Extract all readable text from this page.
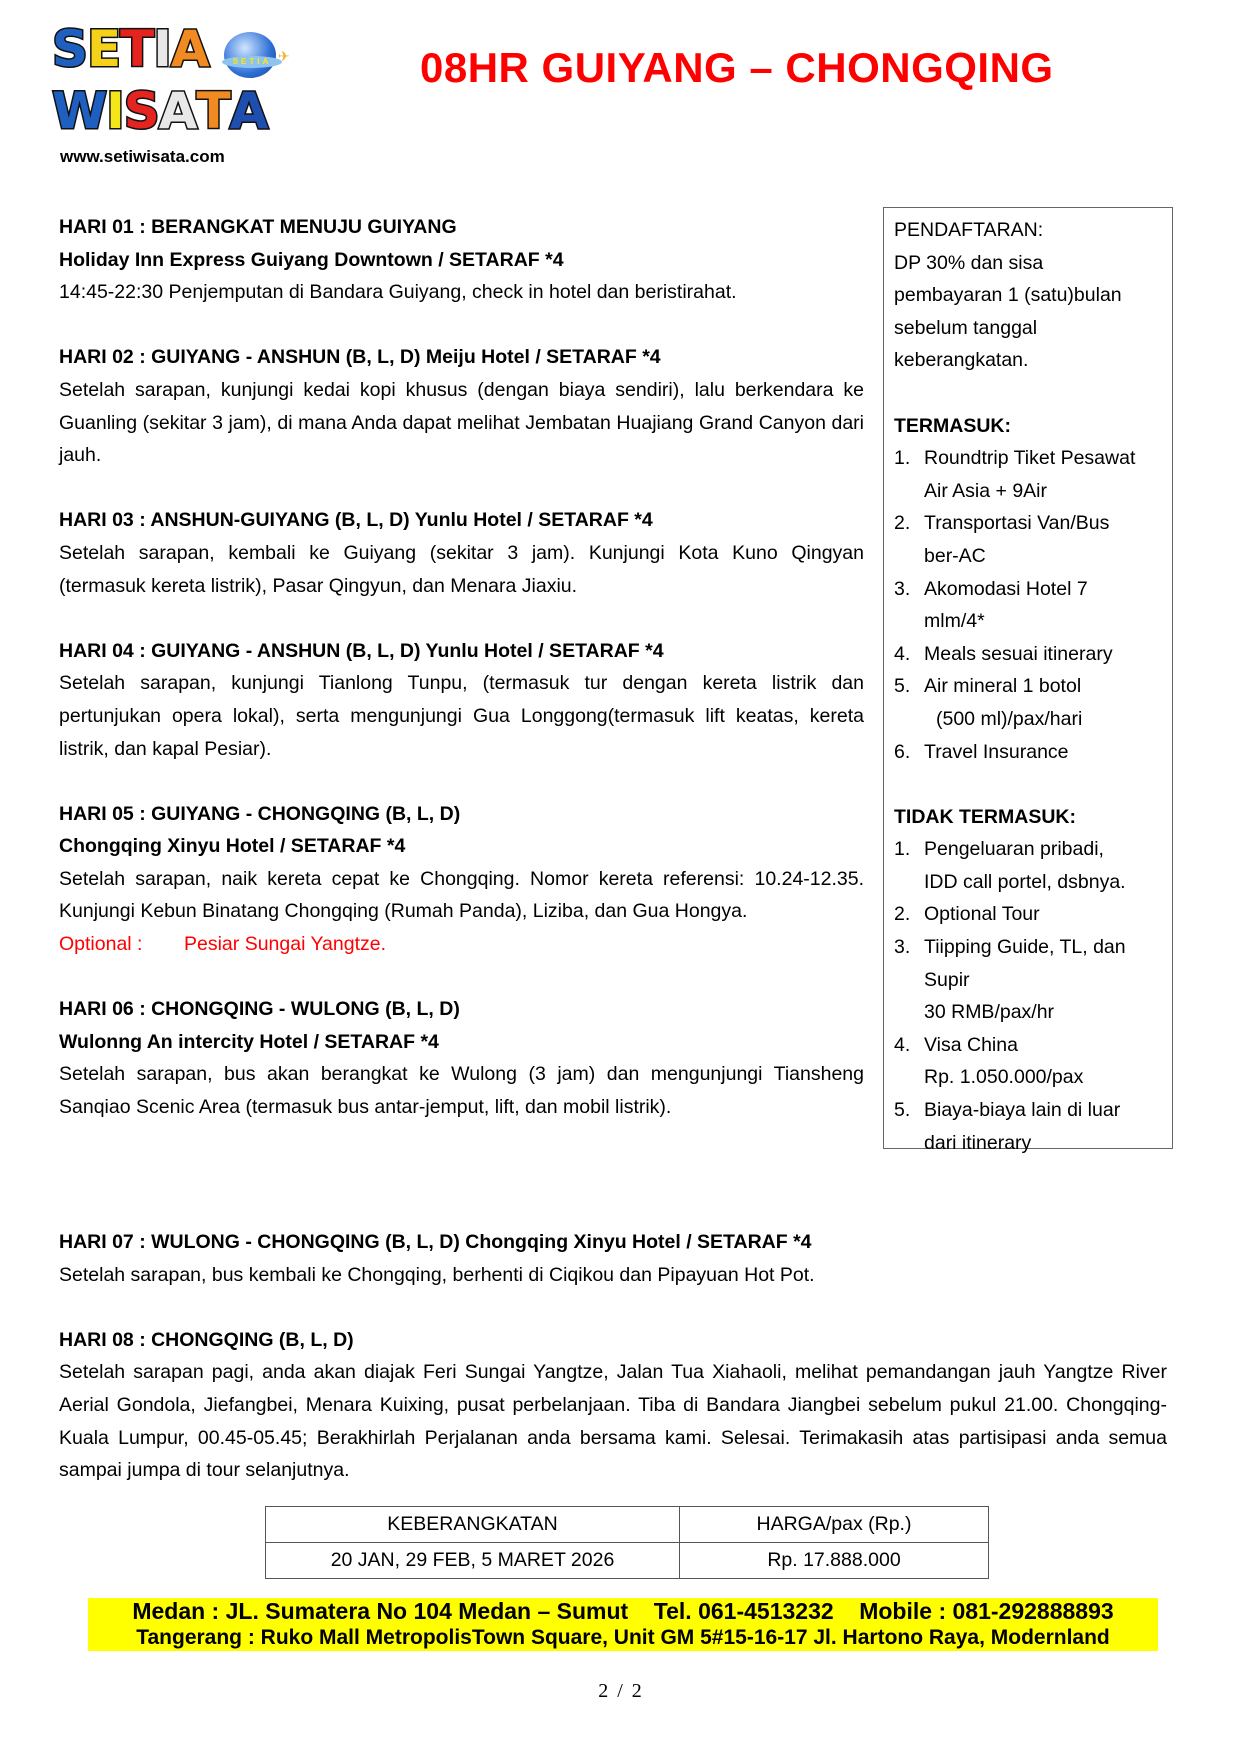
S E T I A	SETIA ✈
W I S A T A
www.setiwisata.com
08HR GUIYANG – CHONGQING

HARI 01 : BERANGKAT MENUJU GUIYANG

Holiday Inn Express Guiyang Downtown / SETARAF *4

14:45-22:30 Penjemputan di Bandara Guiyang, check in hotel dan beristirahat.

HARI 02 : GUIYANG - ANSHUN (B, L, D) Meiju Hotel / SETARAF *4

Setelah sarapan, kunjungi kedai kopi khusus (dengan biaya sendiri), lalu berkendara ke Guanling (sekitar 3 jam), di mana Anda dapat melihat Jembatan Huajiang Grand Canyon dari jauh.

HARI 03 : ANSHUN-GUIYANG (B, L, D) Yunlu Hotel / SETARAF *4

Setelah sarapan, kembali ke Guiyang (sekitar 3 jam). Kunjungi Kota Kuno Qingyan (termasuk kereta listrik), Pasar Qingyun, dan Menara Jiaxiu.

HARI 04 : GUIYANG - ANSHUN (B, L, D) Yunlu Hotel / SETARAF *4

Setelah sarapan, kunjungi Tianlong Tunpu, (termasuk tur dengan kereta listrik dan pertunjukan opera lokal), serta mengunjungi Gua Longgong(termasuk lift keatas, kereta listrik, dan kapal Pesiar).

HARI 05 : GUIYANG - CHONGQING (B, L, D)

Chongqing Xinyu Hotel / SETARAF *4

Setelah sarapan, naik kereta cepat ke Chongqing. Nomor kereta referensi: 10.24-12.35. Kunjungi Kebun Binatang Chongqing (Rumah Panda), Liziba, dan Gua Hongya.

Optional : Pesiar Sungai Yangtze.

HARI 06 : CHONGQING - WULONG (B, L, D)

Wulonng An intercity Hotel / SETARAF *4

Setelah sarapan, bus akan berangkat ke Wulong (3 jam) dan mengunjungi Tiansheng Sanqiao Scenic Area (termasuk bus antar-jemput, lift, dan mobil listrik).

HARI 07 : WULONG - CHONGQING (B, L, D) Chongqing Xinyu Hotel / SETARAF *4

Setelah sarapan, bus kembali ke Chongqing, berhenti di Ciqikou dan Pipayuan Hot Pot.

HARI 08 : CHONGQING (B, L, D)

Setelah sarapan pagi, anda akan diajak Feri Sungai Yangtze, Jalan Tua Xiahaoli, melihat pemandangan jauh Yangtze River Aerial Gondola, Jiefangbei, Menara Kuixing, pusat perbelanjaan. Tiba di Bandara Jiangbei sebelum pukul 21.00. Chongqing-Kuala Lumpur, 00.45-05.45; Berakhirlah Perjalanan anda bersama kami. Selesai. Terimakasih atas partisipasi anda semua sampai jumpa di tour selanjutnya.

PENDAFTARAN:

DP 30% dan sisa

pembayaran 1 (satu)bulan

sebelum tanggal

keberangkatan.

TERMASUK:

1. Roundtrip Tiket Pesawat
Air Asia + 9Air
2. Transportasi Van/Bus
ber-AC
3. Akomodasi Hotel 7
mlm/4*
4. Meals sesuai itinerary
5. Air mineral 1 botol
(500 ml)/pax/hari
6. Travel Insurance

TIDAK TERMASUK:

1. Pengeluaran pribadi,
IDD call portel, dsbnya.
2. Optional Tour
3. Tiipping Guide, TL, dan
Supir
30 RMB/pax/hr
4. Visa China
Rp. 1.050.000/pax
5. Biaya-biaya lain di luar
dari itinerary
KEBERANGKATAN	HARGA/pax (Rp.)
20 JAN, 29 FEB, 5 MARET 2026	Rp. 17.888.000
Medan : JL. Sumatera No 104 Medan – Sumut    Tel. 061-4513232    Mobile : 081-292888893
Tangerang : Ruko Mall MetropolisTown Square, Unit GM 5#15-16-17 Jl. Hartono Raya, Modernland
2 / 2
